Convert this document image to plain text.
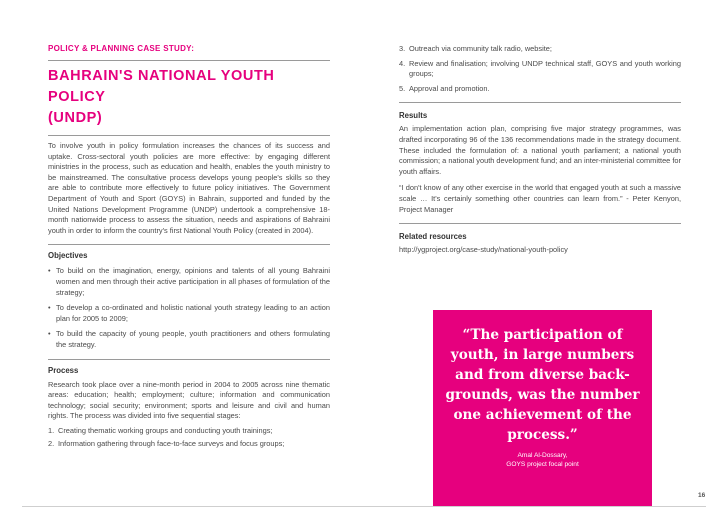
POLICY & PLANNING CASE STUDY:
BAHRAIN'S NATIONAL YOUTH POLICY
(UNDP)

To involve youth in policy formulation increases the chances of its success and uptake. Cross-sectoral youth policies are more effective: by engaging different ministries in the process, such as education and health, enables the youth ministry to be mainstreamed. The consultative process develops young people's skills so they are able to contribute more effectively to future policy initiatives. The Government Department of Youth and Sport (GOYS) in Bahrain, supported and funded by the United Nations Development Programme (UNDP) undertook a comprehensive 18-month nationwide process to assess the situation, needs and aspirations of Bahraini youth in order to inform the country's first National Youth Policy (created in 2004).

Objectives
• To build on the imagination, energy, opinions and talents of all young Bahraini women and men through their active participation in all phases of formulation of the strategy;
• To develop a co-ordinated and holistic national youth strategy leading to an action plan for 2005 to 2009;
• To build the capacity of young people, youth practitioners and others formulating the strategy.
Process

Research took place over a nine-month period in 2004 to 2005 across nine thematic areas: education; health; employment; culture; information and communication technology; social security; environment; sports and leisure and civil and human rights. The process was divided into five sequential stages:

1. Creating thematic working groups and conducting youth trainings;
2. Information gathering through face-to-face surveys and focus groups;
3. Outreach via community talk radio, website;
4. Review and finalisation; involving UNDP technical staff, GOYS and youth working groups;
5. Approval and promotion.
Results

An implementation action plan, comprising five major strategy programmes, was drafted incorporating 96 of the 136 recommendations made in the strategy document. These included the formulation of: a national youth parliament; a national youth commission; a national youth development fund; and an inter-ministerial committee for youth affairs.

“I don't know of any other exercise in the world that engaged youth at such a massive scale … It's certainly something other countries can learn from.” - Peter Kenyon, Project Manager

Related resources

http://ygproject.org/case-study/national-youth-policy

“The participation of
youth, in large numbers
and from diverse back-
grounds, was the number
one achievement of the
process.”
Amal Al-Dossary,
GOYS project focal point
16
